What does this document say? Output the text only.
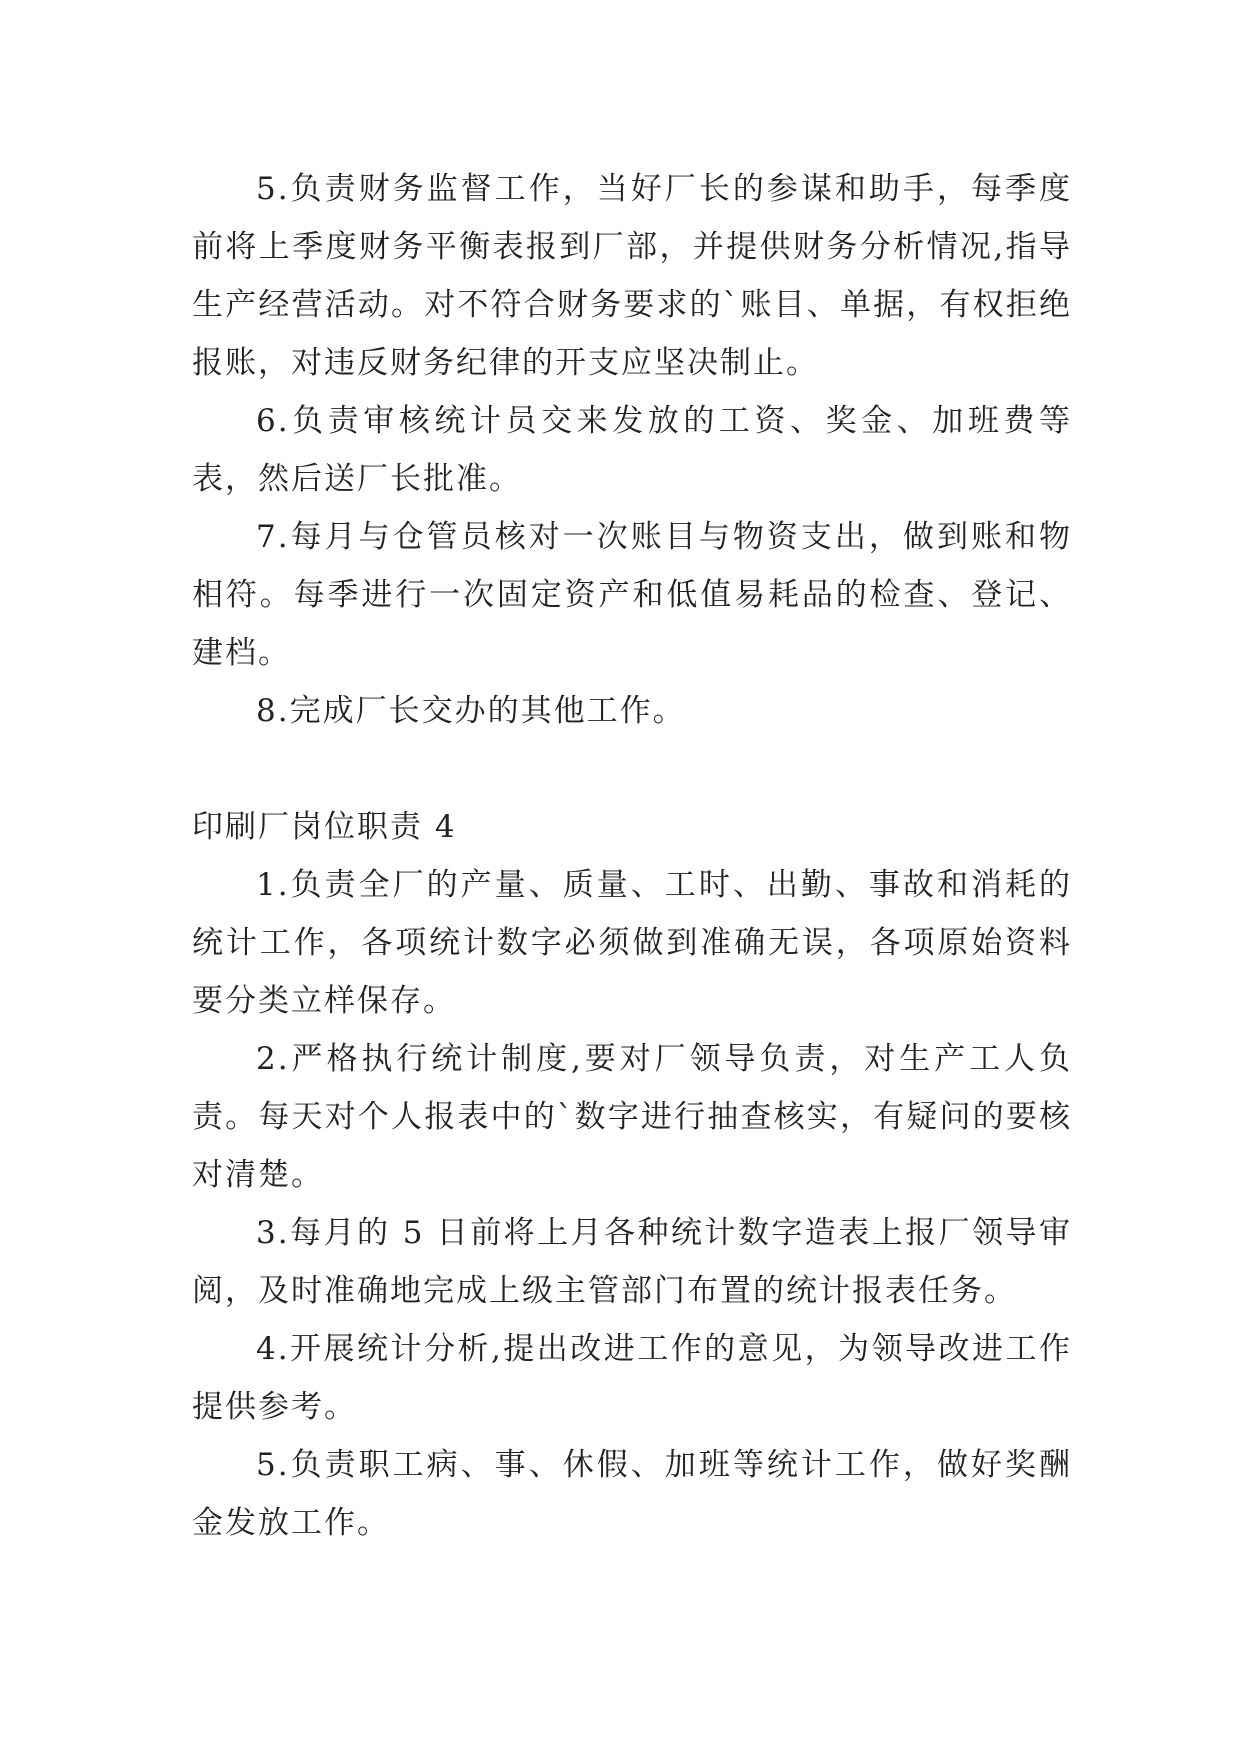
5.负责财务监督工作，当好厂长的参谋和助手，每季度前将上季度财务平衡表报到厂部，并提供财务分析情况,指导生产经营活动。对不符合财务要求的`账目、单据，有权拒绝报账，对违反财务纪律的开支应坚决制止。

6.负责审核统计员交来发放的工资、奖金、加班费等表，然后送厂长批准。

7.每月与仓管员核对一次账目与物资支出，做到账和物相符。每季进行一次固定资产和低值易耗品的检查、登记、建档。

8.完成厂长交办的其他工作。

印刷厂岗位职责 4

1.负责全厂的产量、质量、工时、出勤、事故和消耗的统计工作，各项统计数字必须做到准确无误，各项原始资料要分类立样保存。

2.严格执行统计制度,要对厂领导负责，对生产工人负责。每天对个人报表中的`数字进行抽查核实，有疑问的要核对清楚。

3.每月的 5 日前将上月各种统计数字造表上报厂领导审阅，及时准确地完成上级主管部门布置的统计报表任务。

4.开展统计分析,提出改进工作的意见，为领导改进工作提供参考。

5.负责职工病、事、休假、加班等统计工作，做好奖酬金发放工作。
